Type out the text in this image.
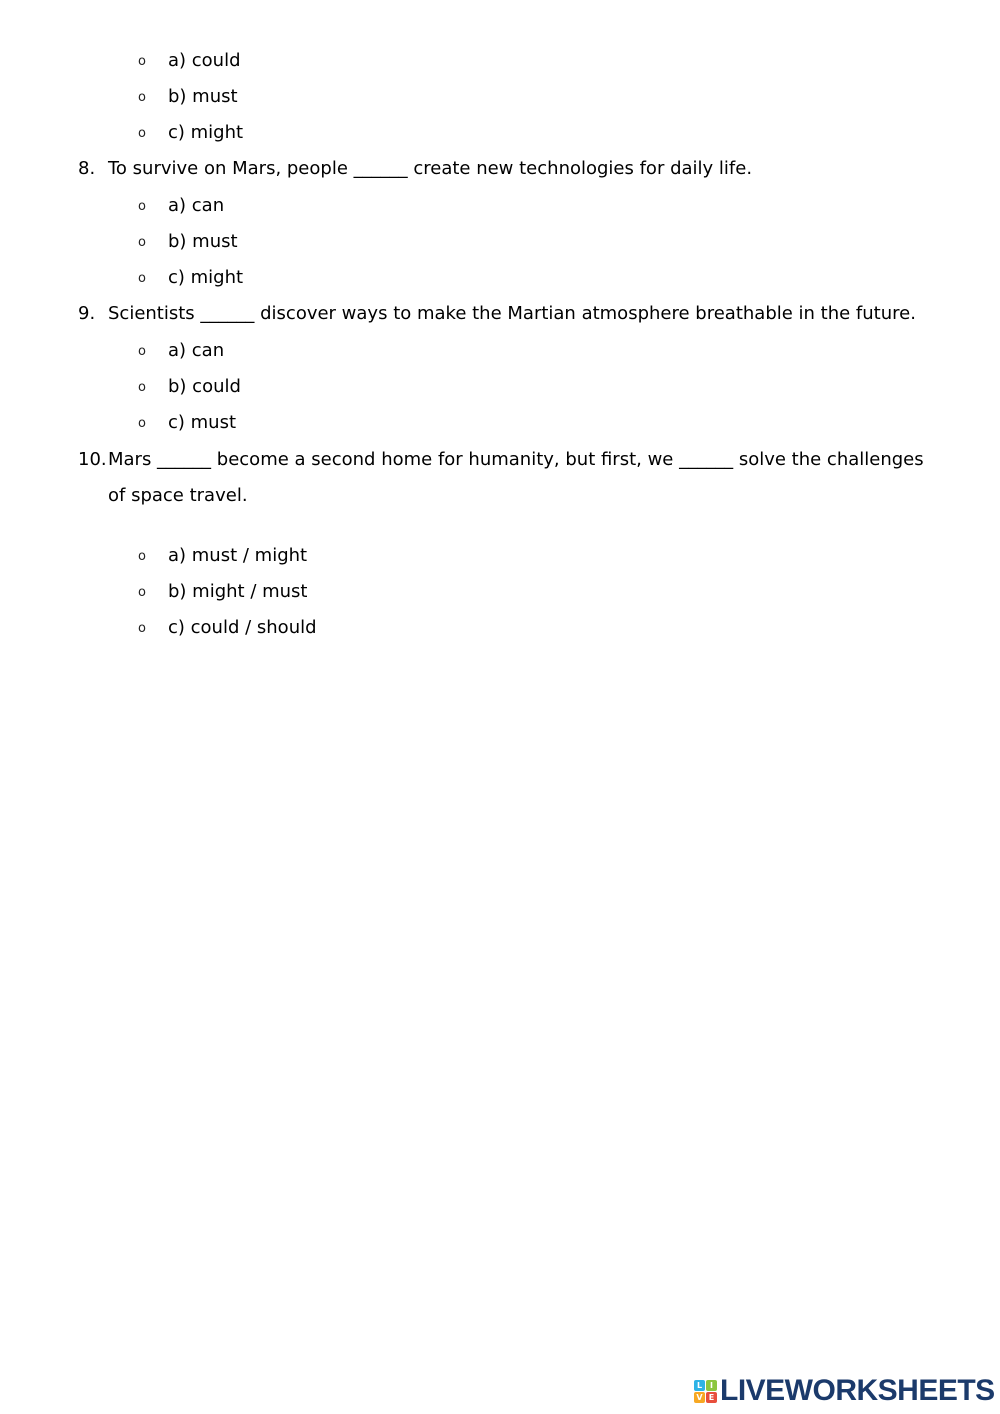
o a) could
o b) must
o c) might
8. To survive on Mars, people ______ create new technologies for daily life.
o a) can
o b) must
o c) might
9. Scientists ______ discover ways to make the Martian atmosphere breathable in the future.
o a) can
o b) could
o c) must
10. Mars ______ become a second home for humanity, but first, we ______ solve the challenges of space travel.
o a) must / might
o b) might / must
o c) could / should
L I
V E LIVEWORKSHEETS
